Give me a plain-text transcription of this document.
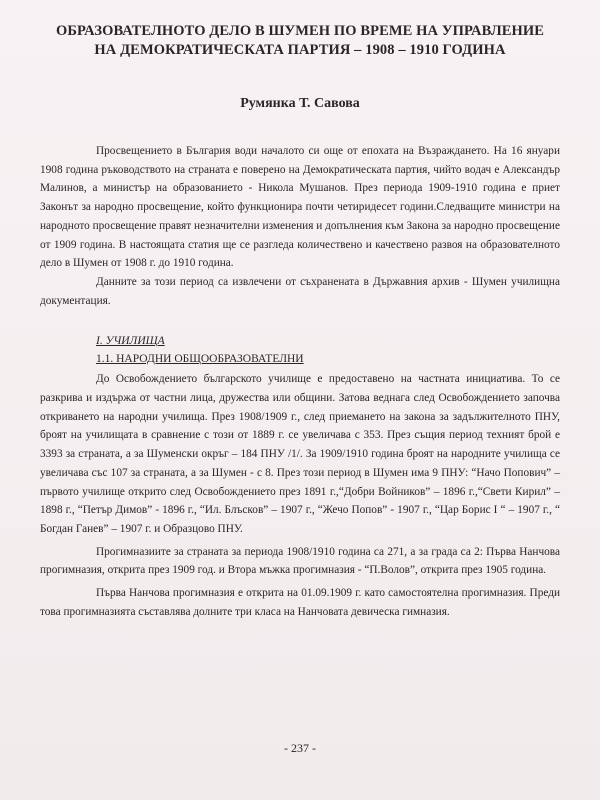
ОБРАЗОВАТЕЛНОТО ДЕЛО В ШУМЕН ПО ВРЕМЕ НА УПРАВЛЕНИЕ
НА ДЕМОКРАТИЧЕСКАТА ПАРТИЯ – 1908 – 1910 ГОДИНА
Румянка Т. Савова

Просвещението в България води началото си още от епохата на Възраждането. На 16 януари 1908 година ръководството на страната е поверено на Демократическата партия, чийто водач е Александър Малинов, а министър на образованието - Никола Мушанов. През периода 1909-1910 година е приет Законът за народно просвещение, който функционира почти четиридесет години.Следващите министри на народното просвещение правят незначителни изменения и допълнения към Закона за народно просвещение от 1909 година. В настоящата статия ще се разгледа количествено и качествено развоя на образователното дело в Шумен от 1908 г. до 1910 година.

Данните за този период са извлечени от съхранената в Държавния архив - Шумен училищна документация.

I. УЧИЛИЩА
1.1. НАРОДНИ ОБЩООБРАЗОВАТЕЛНИ

До Освобождението българското училище е предоставено на частната инициатива. То се разкрива и издържа от частни лица, дружества или общини. Затова веднага след Освобождението започва откриването на народни училища. През 1908/1909 г., след приемането на закона за задължителното ПНУ, броят на училищата в сравнение с този от 1889 г. се увеличава с 353. През същия период техният брой е 3393 за страната, а за Шуменски окръг – 184 ПНУ /1/. За 1909/1910 година броят на народните училища се увеличава със 107 за страната, а за Шумен - с 8. През този период в Шумен има 9 ПНУ: “Начо Попович” – първото училище открито след Освобождението през 1891 г.,“Добри Войников” – 1896 г.,“Свети Кирил” – 1898 г., “Петър Димов” - 1896 г., “Ил. Блъсков” – 1907 г., “Жечо Попов” - 1907 г., “Цар Борис I “ – 1907 г., “ Богдан Ганев” – 1907 г. и Образцово ПНУ.

Прогимназиите за страната за периода 1908/1910 година са 271, а за града са 2: Първа Нанчова прогимназия, открита през 1909 год. и Втора мъжка прогимназия - “П.Волов”, открита през 1905 година.

Първа Нанчова прогимназия е открита на 01.09.1909 г. като самостоятелна прогимназия. Преди това прогимназията съставлява долните три класа на Нанчовата девическа гимназия.

- 237 -
